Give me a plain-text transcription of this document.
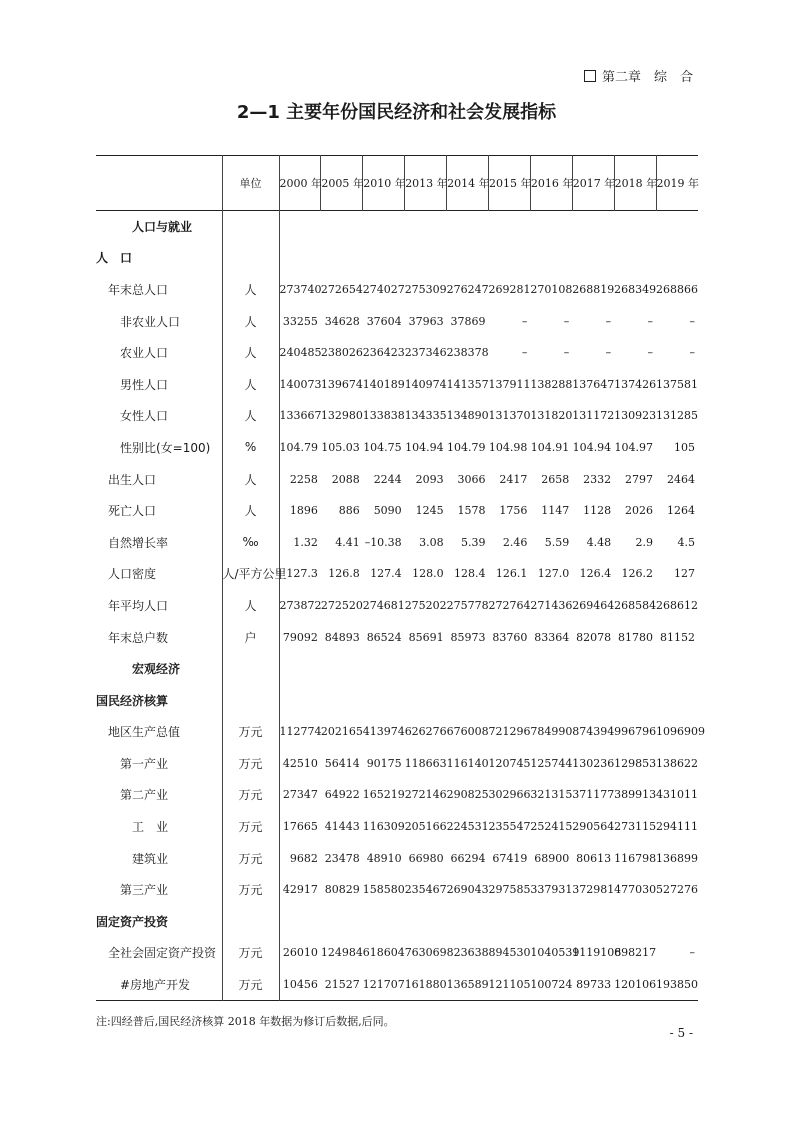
第二章　综　合
2—1 主要年份国民经济和社会发展指标
	单位	2000 年	2005 年	2010 年	2013 年	2014 年	2015 年	2016 年	2017 年	2018 年	2019 年
人口与就业											
人　口											
年末总人口	人	273740	272654	274027	275309	276247	269281	270108	268819	268349	268866
非农业人口	人	33255	34628	37604	37963	37869	–	–	–	–	–
农业人口	人	240485	238026	236423	237346	238378	–	–	–	–	–
男性人口	人	140073	139674	140189	140974	141357	137911	138288	137647	137426	137581
女性人口	人	133667	132980	133838	134335	134890	131370	131820	131172	130923	131285
性别比(女=100)	%	104.79	105.03	104.75	104.94	104.79	104.98	104.91	104.94	104.97	105
出生人口	人	2258	2088	2244	2093	3066	2417	2658	2332	2797	2464
死亡人口	人	1896	886	5090	1245	1578	1756	1147	1128	2026	1264
自然增长率	‰	1.32	4.41	–10.38	3.08	5.39	2.46	5.59	4.48	2.9	4.5
人口密度	人/平方公里	127.3	126.8	127.4	128.0	128.4	126.1	127.0	126.4	126.2	127
年平均人口	人	273872	272520	274681	275202	275778	272764	271436	269464	268584	268612
年末总户数	户	79092	84893	86524	85691	85973	83760	83364	82078	81780	81152
宏观经济											
国民经济核算											
地区生产总值	万元	112774	202165	413974	626276	676008	721296	784990	874394	996796	1096909
第一产业	万元	42510	56414	90175	118663	116140	120745	125744	130236	129853	138622
第二产业	万元	27347	64922	165219	272146	290825	302966	321315	371177	389913	431011
工　业	万元	17665	41443	116309	205166	224531	235547	252415	290564	273115	294111
建筑业	万元	9682	23478	48910	66980	66294	67419	68900	80613	116798	136899
第三产业	万元	42917	80829	158580	235467	269043	297585	337931	372981	477030	527276
固定资产投资											
全社会固定资产投资	万元	26010	124984	618604	763069	823638	894530	1040539	1119108	698217	–
#房地产开发	万元	10456	21527	121707	161880	136589	121105	100724	89733	120106	193850
注:四经普后,国民经济核算 2018 年数据为修订后数据,后同。
- 5 -
